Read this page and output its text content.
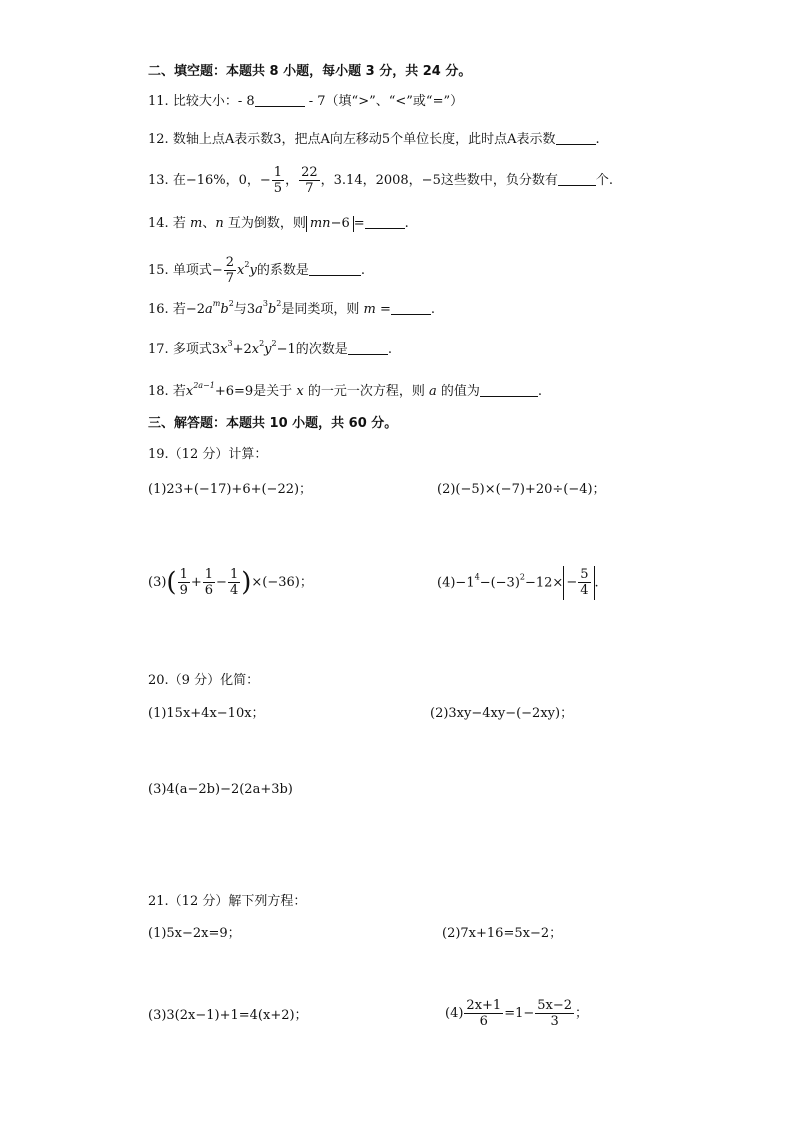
二、填空题：本题共 8 小题，每小题 3 分，共 24 分。
11. 比较大小：- 8	- 7（填“>”、“<”或“=”）
12. 数轴上点A表示数3，把点A向左移动5个单位长度，此时点A表示数	.
13. 在−16%，0，− $\frac{1}{5}$ ， $\frac{22}{7}$ ，3.14，2008，−5这些数中，负分数有	个.
14. 若 m、n 互为倒数，则 mn−6 =	.
15. 单项式− $\frac{2}{7} x^2y$的系数是	.
16. 若$-2a^mb^2$与$3a^3b^2$是同类项，则 m =	.
17. 多项式$3x^3+2x^2y^2-1$的次数是	.
18. 若$x^{2a-1}+6=9$是关于 x 的一元一次方程，则 a 的值为	.
三、解答题：本题共 10 小题，共 60 分。
19.（12 分）计算：
(1)23+(−17)+6+(−22)；	(2)(−5)×(−7)+20÷(−4)；
$(3)( \frac{1}{9} + \frac{1}{6} - \frac{1}{4} )\times(-36)$；	$(4)-1^4-(-3)^2-12\times - \frac{5}{4}$ .
20.（9 分）化简：
(1)15x+4x−10x；	(2)3xy−4xy−(−2xy)；
(3)4(a−2b)−2(2a+3b)
21.（12 分）解下列方程：
(1)5x−2x=9；	(2)7x+16=5x−2；
(3)3(2x−1)+1=4(x+2)；	$(4) \frac{2x+1}{6} =1- \frac{5x-2}{3}$ ；
